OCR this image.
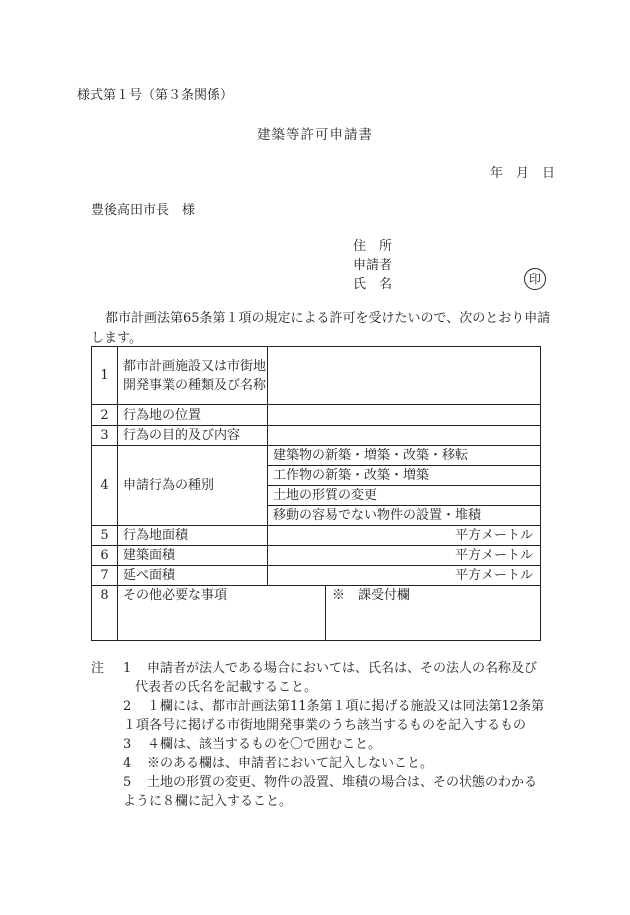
様式第１号（第３条関係）
建築等許可申請書
年　月　日
豊後高田市長　様
住　所
申請者
氏　名	印
都市計画法第65条第１項の規定による許可を受けたいので、次のとおり申請します。
1	都市計画施設又は市街地開発事業の種類及び名称		
2	行為地の位置		
3	行為の目的及び内容		
4	申請行為の種別	建築物の新築・増築・改築・移転	
		工作物の新築・改築・増築	
		土地の形質の変更	
		移動の容易でない物件の設置・堆積	
5	行為地面積	平方メートル	
6	建築面積	平方メートル	
7	延べ面積	平方メートル	
8	その他必要な事項		※　課受付欄
注 1 申請者が法人である場合においては、氏名は、その法人の名称及び
代表者の氏名を記載すること。
2 １欄には、都市計画法第11条第１項に掲げる施設又は同法第12条第
１項各号に掲げる市街地開発事業のうち該当するものを記入するもの
3 ４欄は、該当するものを〇で囲むこと。
4 ※のある欄は、申請者において記入しないこと。
5 土地の形質の変更、物件の設置、堆積の場合は、その状態のわかる
ように８欄に記入すること。
